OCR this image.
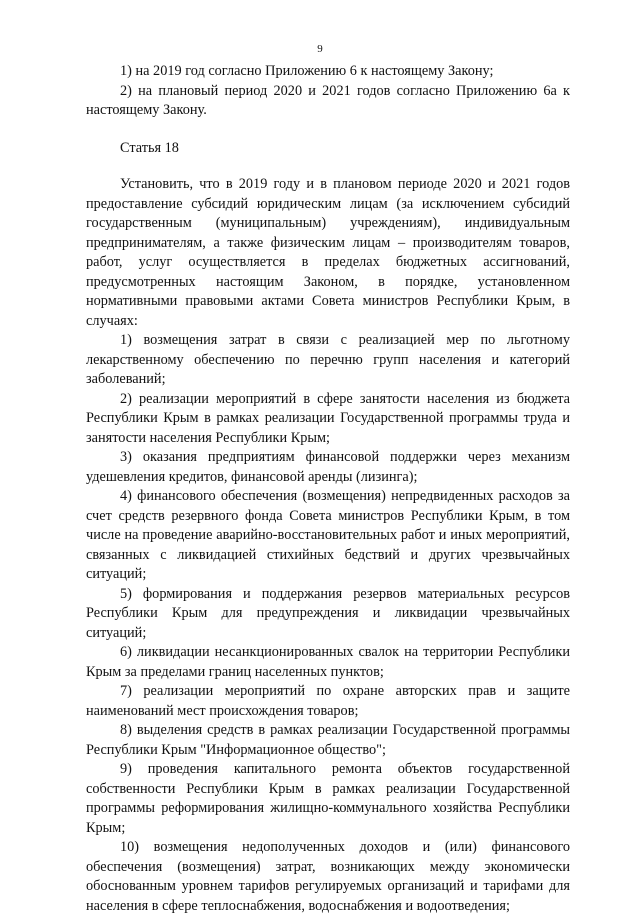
9

1) на 2019 год согласно Приложению 6 к настоящему Закону;

2) на плановый период 2020 и 2021 годов согласно Приложению 6а к настоящему Закону.

Статья 18

Установить, что в 2019 году и в плановом периоде 2020 и 2021 годов предоставление субсидий юридическим лицам (за исключением субсидий государственным (муниципальным) учреждениям), индивидуальным предпринимателям, а также физическим лицам – производителям товаров, работ, услуг осуществляется в пределах бюджетных ассигнований, предусмотренных настоящим Законом, в порядке, установленном нормативными правовыми актами Совета министров Республики Крым, в случаях:

1) возмещения затрат в связи с реализацией мер по льготному лекарственному обеспечению по перечню групп населения и категорий заболеваний;

2) реализации мероприятий в сфере занятости населения из бюджета Республики Крым в рамках реализации Государственной программы труда и занятости населения Республики Крым;

3) оказания предприятиям финансовой поддержки через механизм удешевления кредитов, финансовой аренды (лизинга);

4) финансового обеспечения (возмещения) непредвиденных расходов за счет средств резервного фонда Совета министров Республики Крым, в том числе на проведение аварийно-восстановительных работ и иных мероприятий, связанных с ликвидацией стихийных бедствий и других чрезвычайных ситуаций;

5) формирования и поддержания резервов материальных ресурсов Республики Крым для предупреждения и ликвидации чрезвычайных ситуаций;

6) ликвидации несанкционированных свалок на территории Республики Крым за пределами границ населенных пунктов;

7) реализации мероприятий по охране авторских прав и защите наименований мест происхождения товаров;

8) выделения средств в рамках реализации Государственной программы Республики Крым "Информационное общество";

9) проведения капитального ремонта объектов государственной собственности Республики Крым в рамках реализации Государственной программы реформирования жилищно-коммунального хозяйства Республики Крым;

10) возмещения недополученных доходов и (или) финансового обеспечения (возмещения) затрат, возникающих между экономически обоснованным уровнем тарифов регулируемых организаций и тарифами для населения в сфере теплоснабжения, водоснабжения и водоотведения;
